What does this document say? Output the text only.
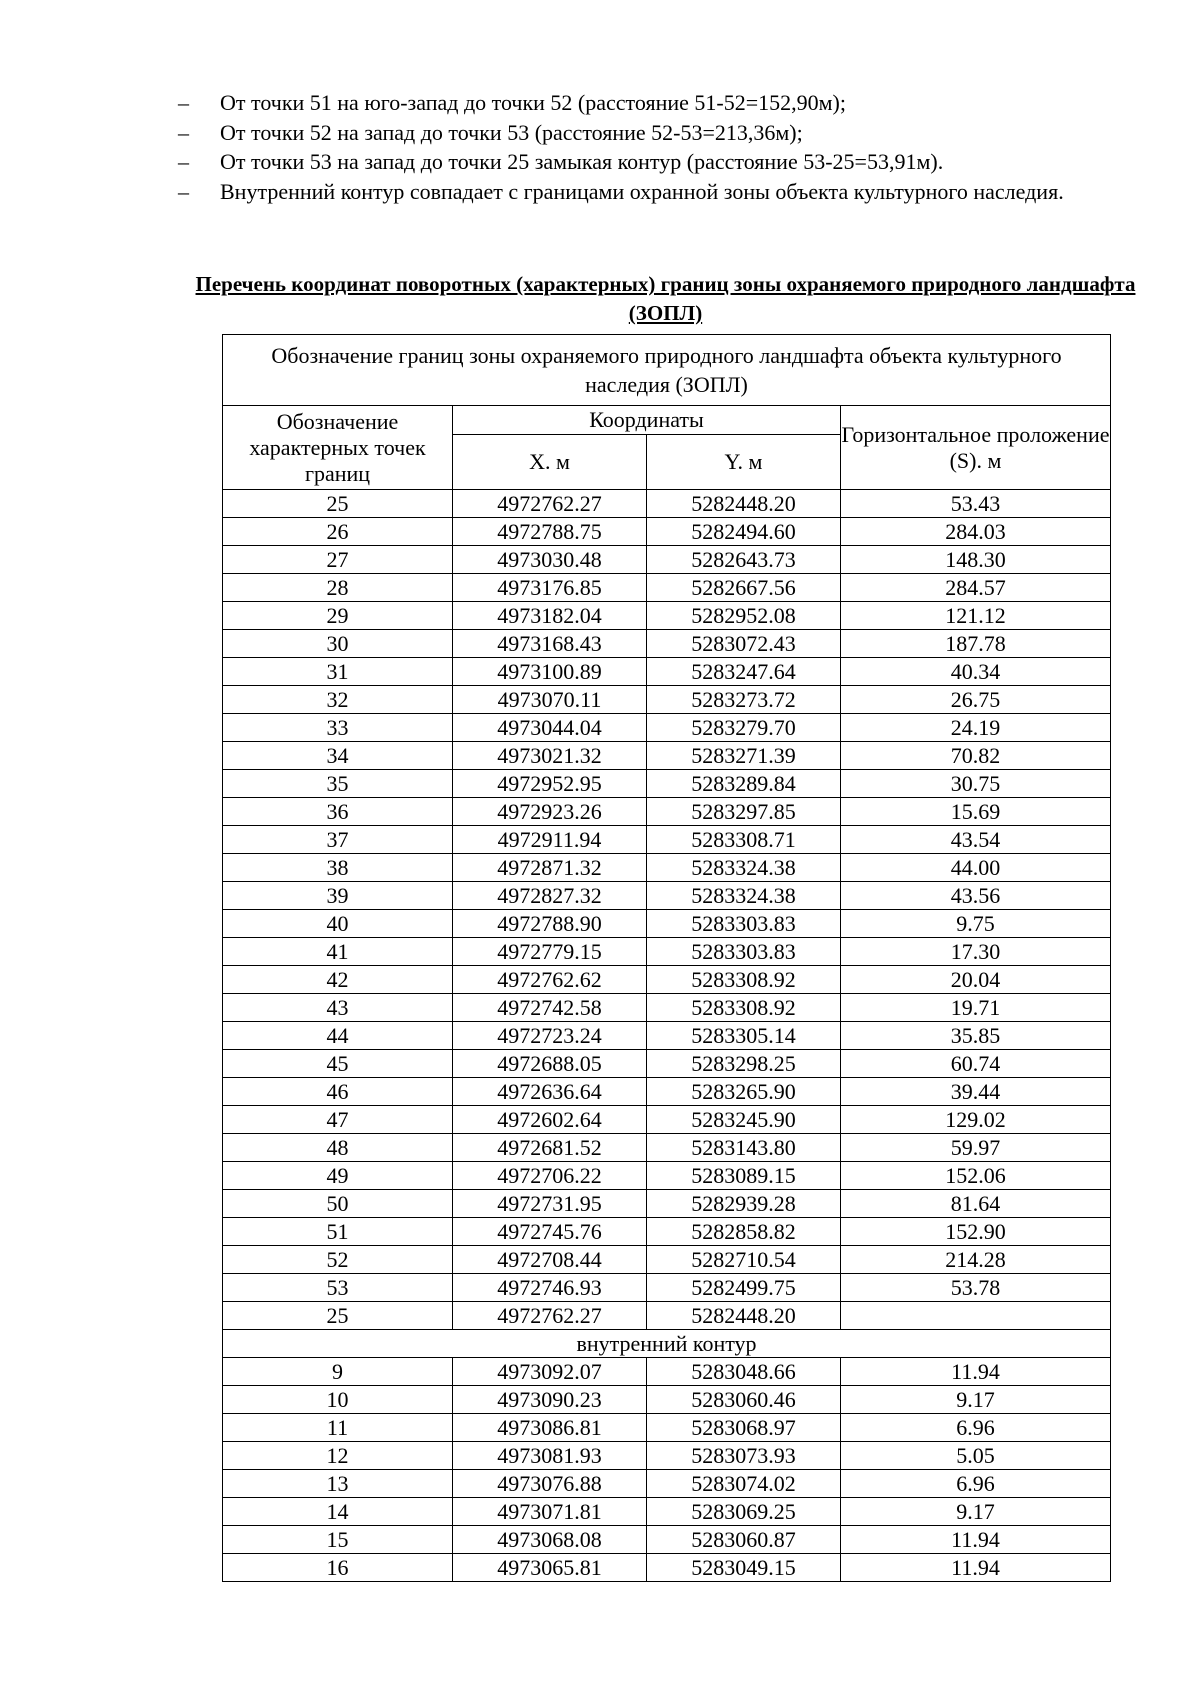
– От точки 51 на юго-запад до точки 52 (расстояние 51-52=152,90м);
– От точки 52 на запад до точки 53 (расстояние 52-53=213,36м);
– От точки 53 на запад до точки 25 замыкая контур (расстояние 53-25=53,91м).
– Внутренний контур совпадает с границами охранной зоны объекта культурного наследия.
Перечень координат поворотных (характерных) границ зоны охраняемого природного ландшафта (ЗОПЛ)
Обозначение границ зоны охраняемого природного ландшафта объекта культурного наследия (ЗОПЛ)			
Обозначение характерных точек границ	Координаты		Горизонтальное проложение (S). м
	X. м	Y. м	
25	4972762.27	5282448.20	53.43
26	4972788.75	5282494.60	284.03
27	4973030.48	5282643.73	148.30
28	4973176.85	5282667.56	284.57
29	4973182.04	5282952.08	121.12
30	4973168.43	5283072.43	187.78
31	4973100.89	5283247.64	40.34
32	4973070.11	5283273.72	26.75
33	4973044.04	5283279.70	24.19
34	4973021.32	5283271.39	70.82
35	4972952.95	5283289.84	30.75
36	4972923.26	5283297.85	15.69
37	4972911.94	5283308.71	43.54
38	4972871.32	5283324.38	44.00
39	4972827.32	5283324.38	43.56
40	4972788.90	5283303.83	9.75
41	4972779.15	5283303.83	17.30
42	4972762.62	5283308.92	20.04
43	4972742.58	5283308.92	19.71
44	4972723.24	5283305.14	35.85
45	4972688.05	5283298.25	60.74
46	4972636.64	5283265.90	39.44
47	4972602.64	5283245.90	129.02
48	4972681.52	5283143.80	59.97
49	4972706.22	5283089.15	152.06
50	4972731.95	5282939.28	81.64
51	4972745.76	5282858.82	152.90
52	4972708.44	5282710.54	214.28
53	4972746.93	5282499.75	53.78
25	4972762.27	5282448.20	
внутренний контур			
9	4973092.07	5283048.66	11.94
10	4973090.23	5283060.46	9.17
11	4973086.81	5283068.97	6.96
12	4973081.93	5283073.93	5.05
13	4973076.88	5283074.02	6.96
14	4973071.81	5283069.25	9.17
15	4973068.08	5283060.87	11.94
16	4973065.81	5283049.15	11.94
